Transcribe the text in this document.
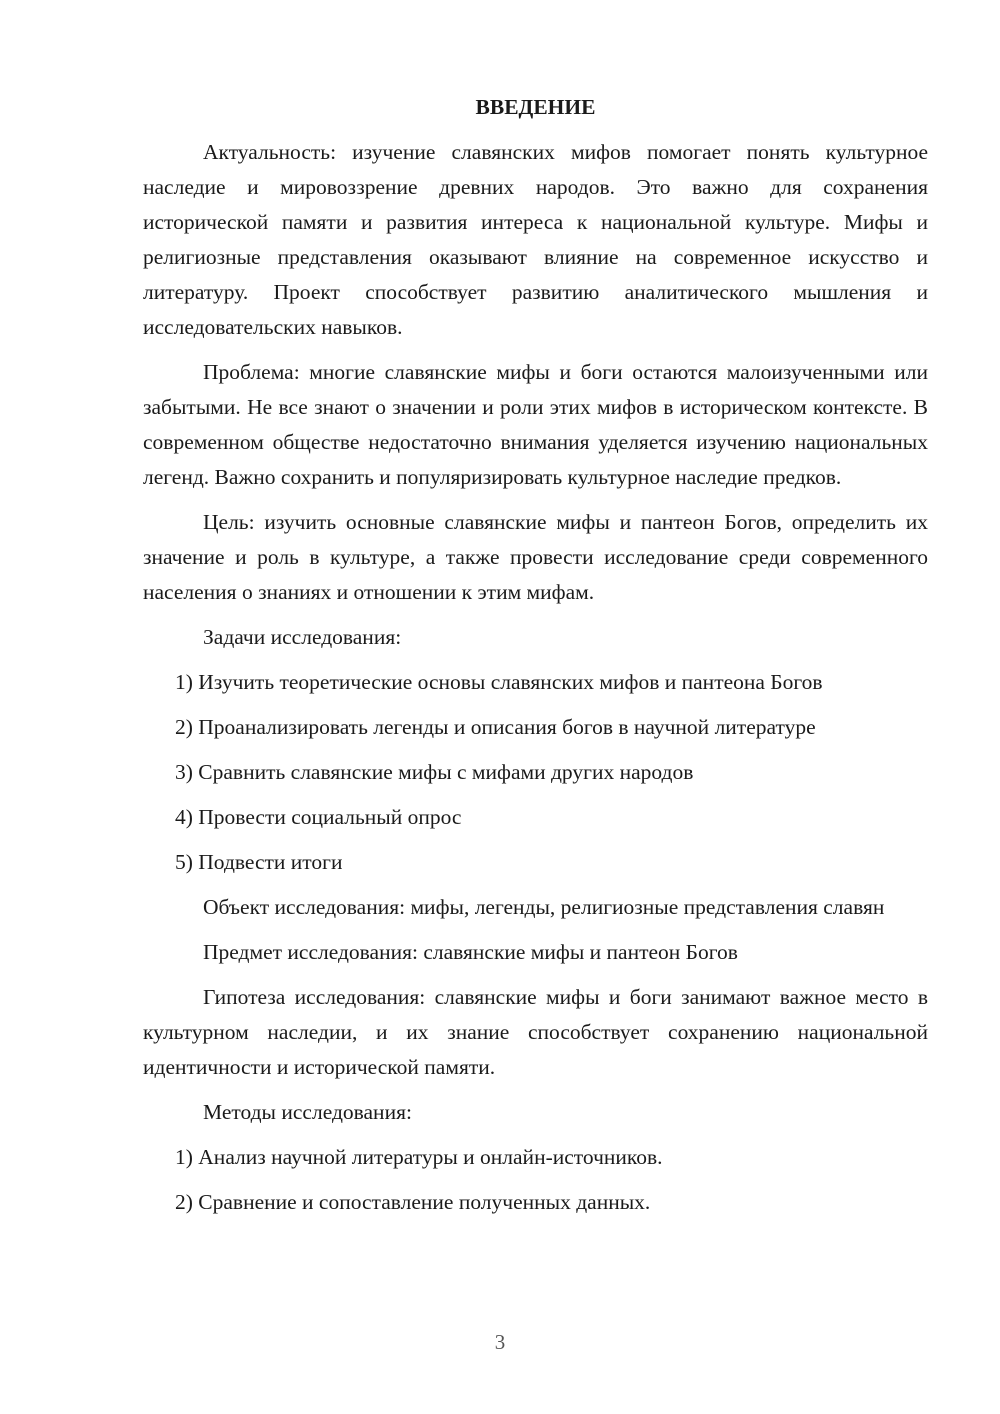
ВВЕДЕНИЕ

Актуальность: изучение славянских мифов помогает понять культурное наследие и мировоззрение древних народов. Это важно для сохранения исторической памяти и развития интереса к национальной культуре. Мифы и религиозные представления оказывают влияние на современное искусство и литературу. Проект способствует развитию аналитического мышления и исследовательских навыков.

Проблема: многие славянские мифы и боги остаются малоизученными или забытыми. Не все знают о значении и роли этих мифов в историческом контексте. В современном обществе недостаточно внимания уделяется изучению национальных легенд. Важно сохранить и популяризировать культурное наследие предков.

Цель: изучить основные славянские мифы и пантеон Богов, определить их значение и роль в культуре, а также провести исследование среди современного населения о знаниях и отношении к этим мифам.

Задачи исследования:

1) Изучить теоретические основы славянских мифов и пантеона Богов

2) Проанализировать легенды и описания богов в научной литературе

3) Сравнить славянские мифы с мифами других народов

4) Провести социальный опрос

5) Подвести итоги

Объект исследования: мифы, легенды, религиозные представления славян

Предмет исследования: славянские мифы и пантеон Богов

Гипотеза исследования: славянские мифы и боги занимают важное место в культурном наследии, и их знание способствует сохранению национальной идентичности и исторической памяти.

Методы исследования:

1) Анализ научной литературы и онлайн-источников.

2) Сравнение и сопоставление полученных данных.

3
